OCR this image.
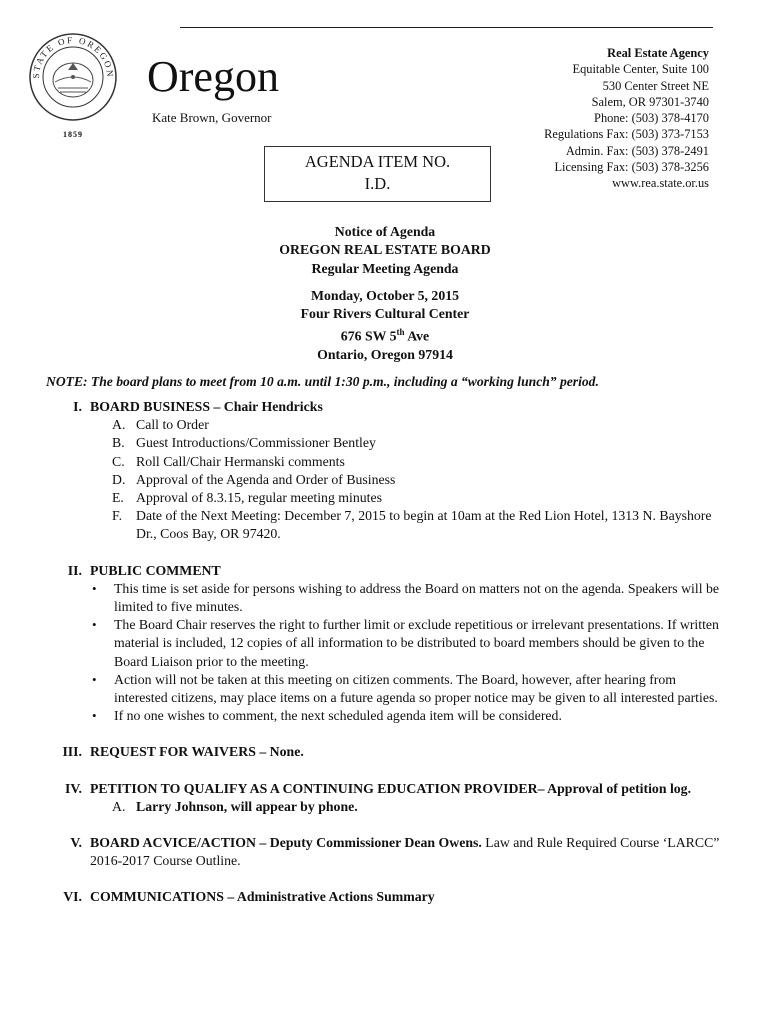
STATE OF OREGON
1859
Oregon
Kate Brown, Governor
Real Estate Agency
Equitable Center, Suite 100
530 Center Street NE
Salem, OR 97301-3740
Phone: (503) 378-4170
Regulations Fax: (503) 373-7153
Admin. Fax: (503) 378-2491
Licensing Fax: (503) 378-3256
www.rea.state.or.us
AGENDA ITEM NO.
I.D.
Notice of Agenda
OREGON REAL ESTATE BOARD
Regular Meeting Agenda
Monday, October 5, 2015
Four Rivers Cultural Center
676 SW 5th Ave
Ontario, Oregon 97914
NOTE: The board plans to meet from 10 a.m. until 1:30 p.m., including a “working lunch” period.
I. BOARD BUSINESS – Chair Hendricks
A. Call to Order
B. Guest Introductions/Commissioner Bentley
C. Roll Call/Chair Hermanski comments
D. Approval of the Agenda and Order of Business
E. Approval of 8.3.15, regular meeting minutes
F. Date of the Next Meeting: December 7, 2015 to begin at 10am at the Red Lion Hotel, 1313 N. Bayshore Dr., Coos Bay, OR 97420.
II. PUBLIC COMMENT
• This time is set aside for persons wishing to address the Board on matters not on the agenda. Speakers will be limited to five minutes.
• The Board Chair reserves the right to further limit or exclude repetitious or irrelevant presentations. If written material is included, 12 copies of all information to be distributed to board members should be given to the Board Liaison prior to the meeting.
• Action will not be taken at this meeting on citizen comments. The Board, however, after hearing from interested citizens, may place items on a future agenda so proper notice may be given to all interested parties.
• If no one wishes to comment, the next scheduled agenda item will be considered.
III. REQUEST FOR WAIVERS – None.
IV. PETITION TO QUALIFY AS A CONTINUING EDUCATION PROVIDER– Approval of petition log.
A. Larry Johnson, will appear by phone.
V. BOARD ACVICE/ACTION – Deputy Commissioner Dean Owens. Law and Rule Required Course ‘LARCC” 2016-2017 Course Outline.
VI. COMMUNICATIONS – Administrative Actions Summary
